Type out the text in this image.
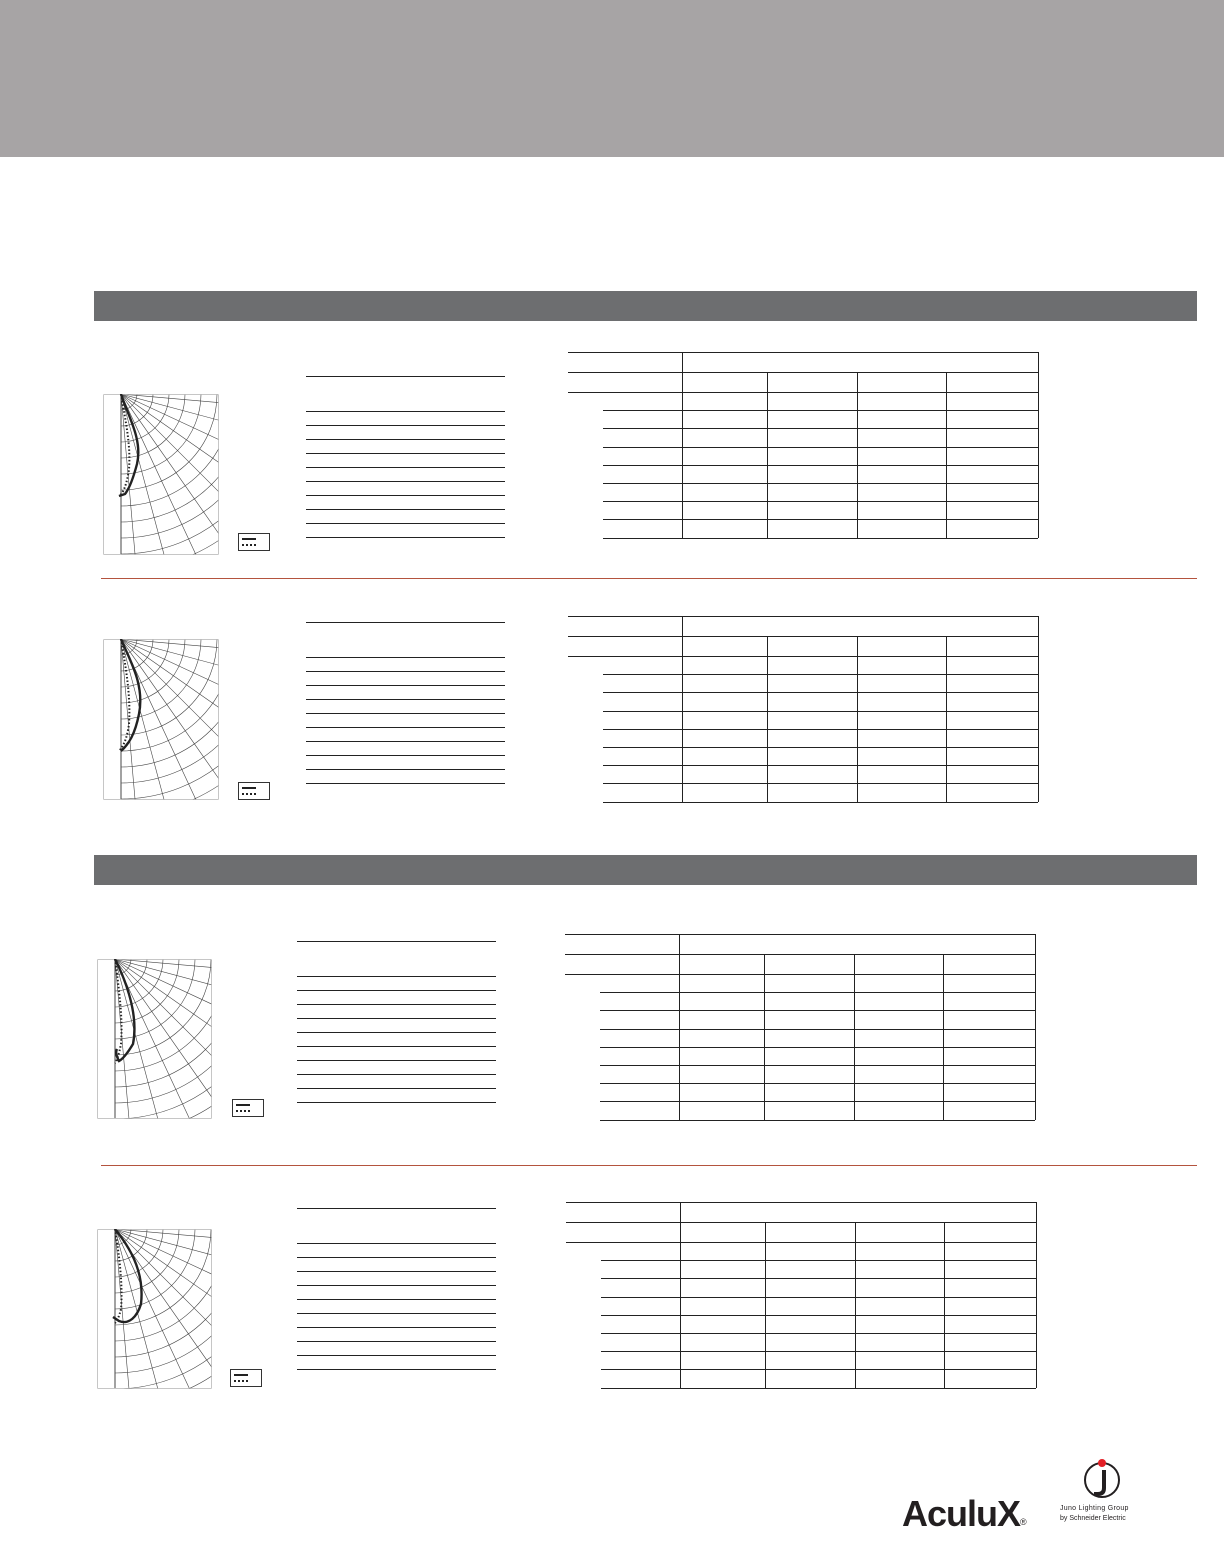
AculuX®
Juno Lighting Group
by Schneider Electric
